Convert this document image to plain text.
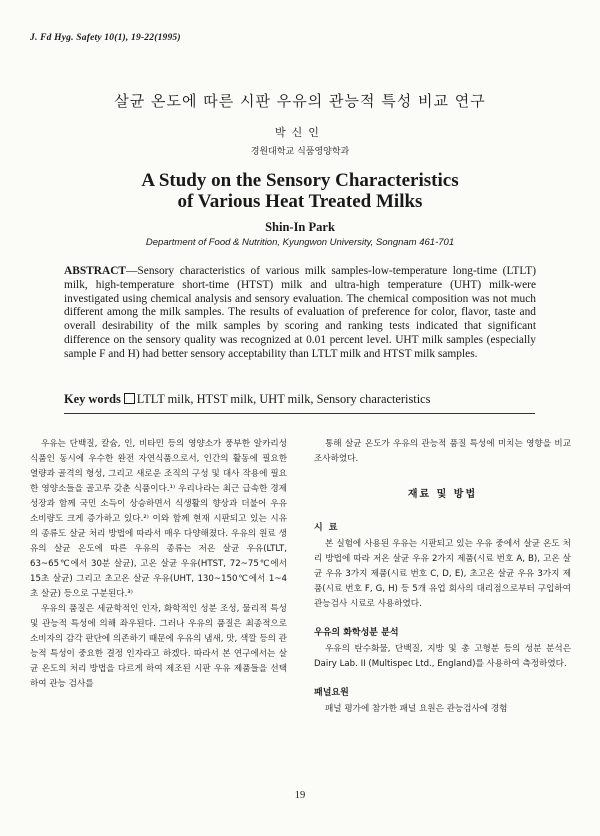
J. Fd Hyg. Safety 10(1), 19-22(1995)
살균 온도에 따른 시판 우유의 관능적 특성 비교 연구
박신인
경원대학교 식품영양학과
A Study on the Sensory Characteristics
of Various Heat Treated Milks
Shin-In Park
Department of Food & Nutrition, Kyungwon University, Songnam 461-701
ABSTRACT—Sensory characteristics of various milk samples-low-temperature long-time (LTLT) milk, high-temperature short-time (HTST) milk and ultra-high temperature (UHT) milk-were investigated using chemical analysis and sensory evaluation. The chemical composition was not much different among the milk samples. The results of evaluation of preference for color, flavor, taste and overall desirability of the milk samples by scoring and ranking tests indicated that significant difference on the sensory quality was recognized at 0.01 percent level. UHT milk samples (especially sample F and H) had better sensory acceptability than LTLT milk and HTST milk samples.
Key words LTLT milk, HTST milk, UHT milk, Sensory characteristics

우유는 단백질, 칼슘, 인, 비타민 등의 영양소가 풍부한 알카리성 식품인 동시에 우수한 완전 자연식품으로서, 인간의 활동에 필요한 열량과 골격의 형성, 그리고 새로운 조직의 구성 및 대사 작용에 필요한 영양소들을 골고루 갖춘 식품이다.¹⁾ 우리나라는 최근 급속한 경제 성장과 함께 국민 소득이 상승하면서 식생활의 향상과 더불어 우유 소비량도 크게 증가하고 있다.²⁾ 이와 함께 현재 시판되고 있는 시유의 종류도 살균 처리 방법에 따라서 매우 다양해졌다. 우유의 원료 생유의 살균 온도에 따른 우유의 종류는 저온 살균 우유(LTLT, 63~65℃에서 30분 살균), 고온 살균 우유(HTST, 72~75℃에서 15초 살균) 그리고 초고온 살균 우유(UHT, 130~150℃에서 1~4초 살균) 등으로 구분된다.³⁾

우유의 품질은 세균학적인 인자, 화학적인 성분 조성, 물리적 특성 및 관능적 특성에 의해 좌우된다. 그러나 우유의 품질은 최종적으로 소비자의 감각 판단에 의존하기 때문에 우유의 냄새, 맛, 색깔 등의 관능적 특성이 중요한 결정 인자라고 하겠다. 따라서 본 연구에서는 살균 온도의 처리 방법을 다르게 하여 제조된 시판 우유 제품들을 선택하여 관능 검사를

통해 살균 온도가 우유의 관능적 품질 특성에 미치는 영향을 비교 조사하였다.

재료 및 방법
시료

본 실험에 사용된 우유는 시판되고 있는 우유 중에서 살균 온도 처리 방법에 따라 저온 살균 우유 2가지 제품(시료 번호 A, B), 고온 살균 우유 3가지 제품(시료 번호 C, D, E), 초고온 살균 우유 3가지 제품(시료 번호 F, G, H) 등 5개 유업 회사의 대리점으로부터 구입하여 관능검사 시료로 사용하였다.

우유의 화학성분 분석

우유의 탄수화물, 단백질, 지방 및 총 고형분 등의 성분 분석은 Dairy Lab. II (Multispec Ltd., England)를 사용하여 측정하였다.

패널요원

패널 평가에 참가한 패널 요원은 관능검사에 경험

19
